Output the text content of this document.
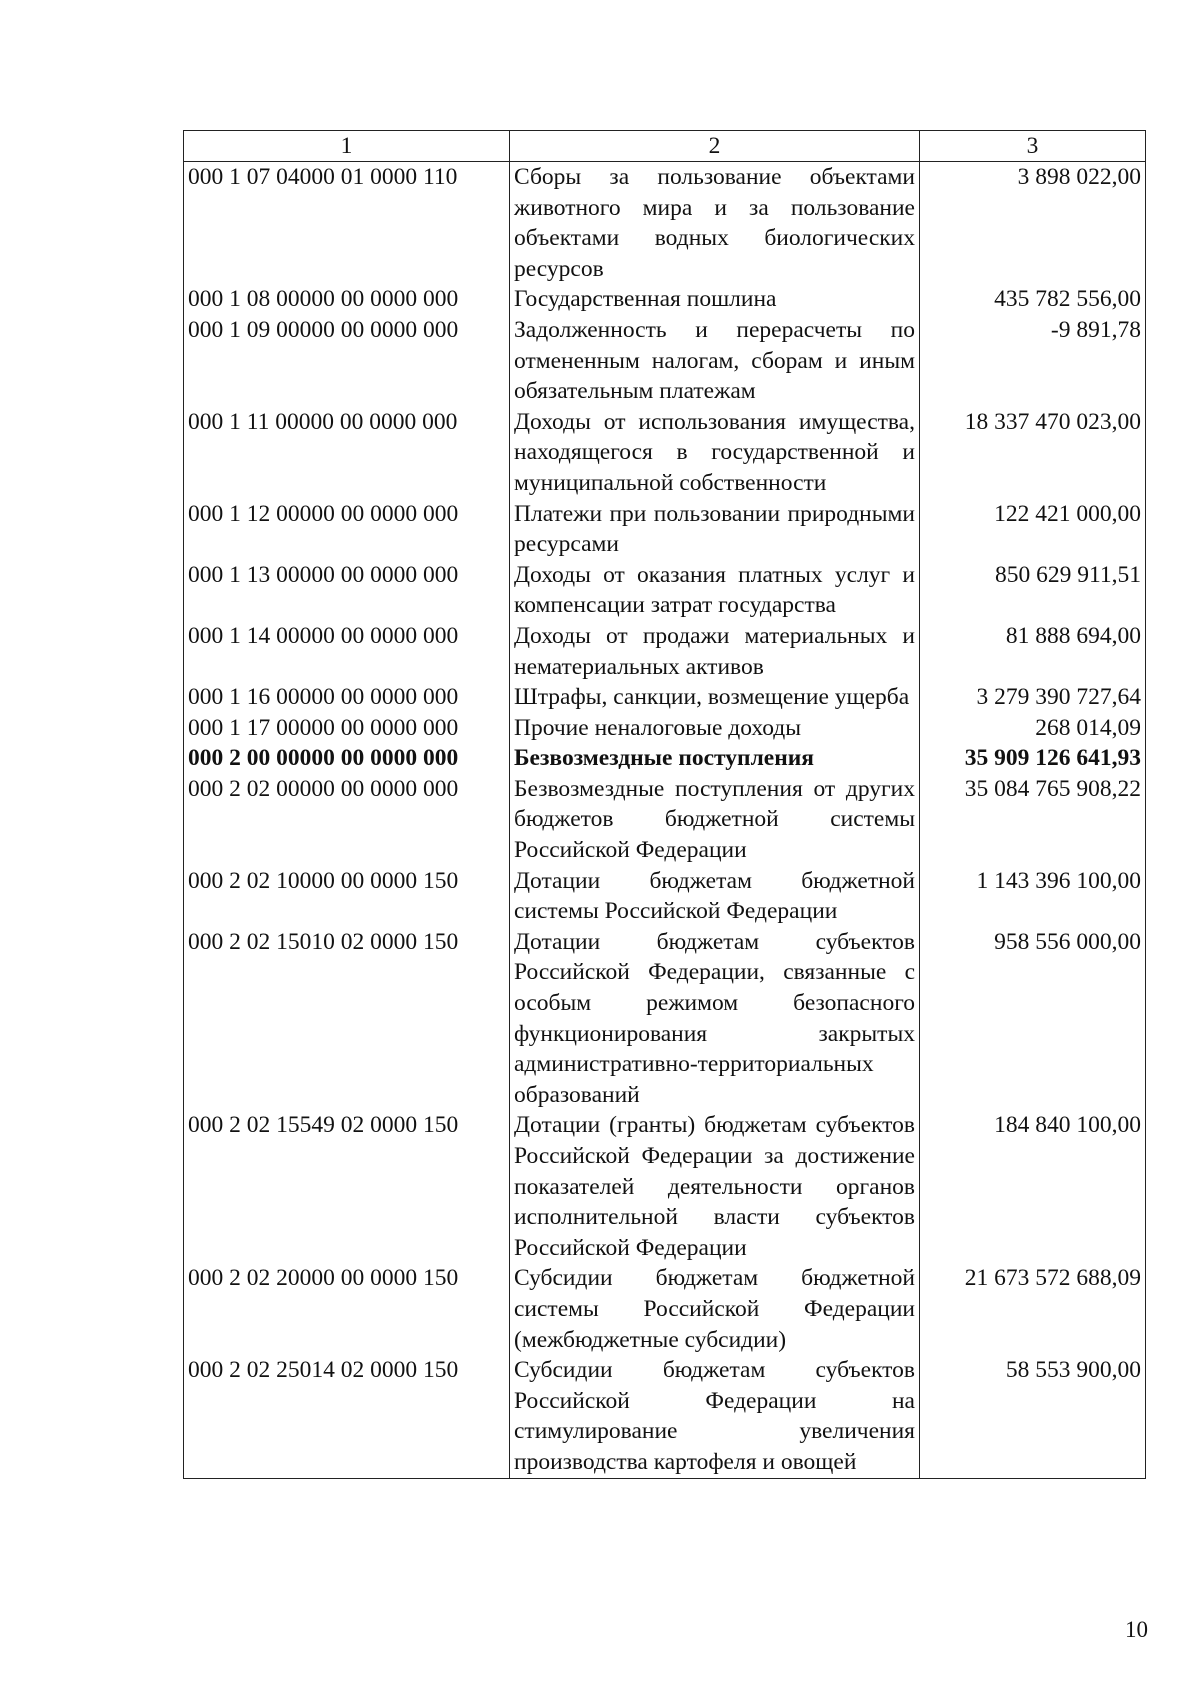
1	2	3
000 1 07 04000 01 0000 110	Сборы за пользование объектами животного мира и за пользование объектами водных биологических ресурсов	3 898 022,00
000 1 08 00000 00 0000 000	Государственная пошлина	435 782 556,00
000 1 09 00000 00 0000 000	Задолженность и перерасчеты по отмененным налогам, сборам и иным обязательным платежам	-9 891,78
000 1 11 00000 00 0000 000	Доходы от использования имущества, находящегося в государственной и муниципальной собственности	18 337 470 023,00
000 1 12 00000 00 0000 000	Платежи при пользовании природными ресурсами	122 421 000,00
000 1 13 00000 00 0000 000	Доходы от оказания платных услуг и компенсации затрат государства	850 629 911,51
000 1 14 00000 00 0000 000	Доходы от продажи материальных и нематериальных активов	81 888 694,00
000 1 16 00000 00 0000 000	Штрафы, санкции, возмещение ущерба	3 279 390 727,64
000 1 17 00000 00 0000 000	Прочие неналоговые доходы	268 014,09
000 2 00 00000 00 0000 000	Безвозмездные поступления	35 909 126 641,93
000 2 02 00000 00 0000 000	Безвозмездные поступления от других бюджетов бюджетной системы Российской Федерации	35 084 765 908,22
000 2 02 10000 00 0000 150	Дотации бюджетам бюджетной системы Российской Федерации	1 143 396 100,00
000 2 02 15010 02 0000 150	Дотации бюджетам субъектов Российской Федерации, связанные с особым режимом безопасного функционирования закрытых административно-территориальных образований	958 556 000,00
000 2 02 15549 02 0000 150	Дотации (гранты) бюджетам субъектов Российской Федерации за достижение показателей деятельности органов исполнительной власти субъектов Российской Федерации	184 840 100,00
000 2 02 20000 00 0000 150	Субсидии бюджетам бюджетной системы Российской Федерации (межбюджетные субсидии)	21 673 572 688,09
000 2 02 25014 02 0000 150	Субсидии бюджетам субъектов Российской Федерации на стимулирование увеличения производства картофеля и овощей	58 553 900,00
10
